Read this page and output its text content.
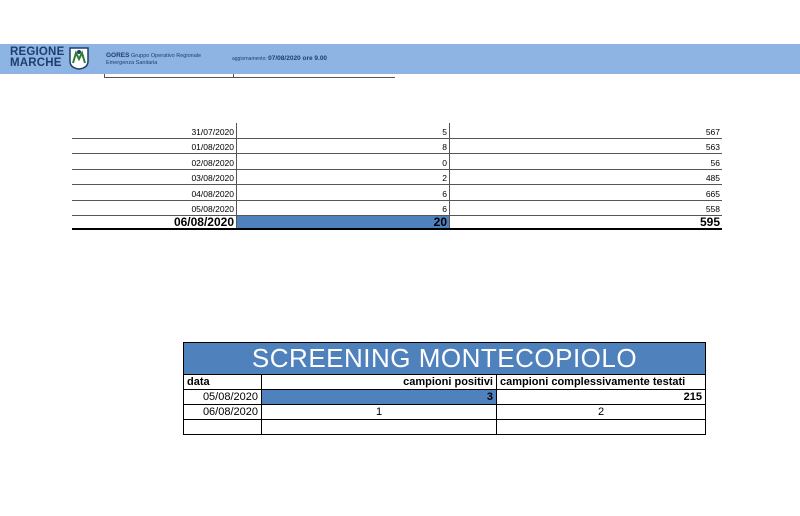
REGIONE
MARCHE
GORES Gruppo Operativo Regionale
Emergenza Sanitaria
aggiornamento: 07/08/2020 ore 9.00
31/07/2020	5	567
01/08/2020	8	563
02/08/2020	0	56
03/08/2020	2	485
04/08/2020	6	665
05/08/2020	6	558
06/08/2020	20	595
SCREENING MONTECOPIOLO		
data	campioni positivi	campioni complessivamente testati
05/08/2020	3	215
06/08/2020	1	2
